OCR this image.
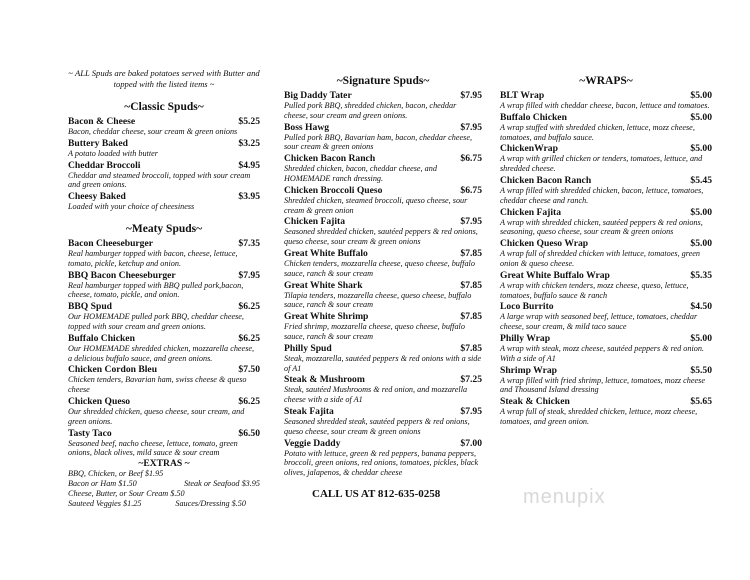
~ ALL Spuds are baked potatoes served with Butter and topped with the listed items ~
~Classic Spuds~
Bacon & Cheese	$5.25
Bacon, cheddar cheese, sour cream & green onions
Buttery Baked	$3.25
A potato loaded with butter
Cheddar Broccoli	$4.95
Cheddar and steamed broccoli, topped with sour cream and green onions.
Cheesy Baked	$3.95
Loaded with your choice of cheesiness
~Meaty Spuds~
Bacon Cheeseburger	$7.35
Real hamburger topped with bacon, cheese, lettuce, tomato, pickle, ketchup and onion.
BBQ Bacon Cheeseburger	$7.95
Real hamburger topped with BBQ pulled pork,bacon, cheese, tomato, pickle, and onion.
BBQ Spud	$6.25
Our HOMEMADE pulled pork BBQ, cheddar cheese, topped with sour cream and green onions.
Buffalo Chicken	$6.25
Our HOMEMADE shredded chicken, mozzarella cheese, a delicious buffalo sauce, and green onions.
Chicken Cordon Bleu	$7.50
Chicken tenders, Bavarian ham, swiss cheese & queso cheese
Chicken Queso	$6.25
Our shredded chicken, queso cheese, sour cream, and green onions.
Tasty Taco	$6.50
Seasoned beef, nacho cheese, lettuce, tomato, green onions, black olives, mild sauce & sour cream
~EXTRAS ~
BBQ, Chicken, or Beef $1.95
Bacon or Ham $1.50	Steak or Seafood $3.95
Cheese, Butter, or Sour Cream $.50
Sauteed Veggies $1.25	Sauces/Dressing $.50
~Signature Spuds~
Big Daddy Tater	$7.95
Pulled pork BBQ, shredded chicken, bacon, cheddar cheese, sour cream and green onions.
Boss Hawg	$7.95
Pulled pork BBQ, Bavarian ham, bacon, cheddar cheese, sour cream & green onions
Chicken Bacon Ranch	$6.75
Shredded chicken, bacon, cheddar cheese, and HOMEMADE ranch dressing.
Chicken Broccoli Queso	$6.75
Shredded chicken, steamed broccoli, queso cheese, sour cream & green onion
Chicken Fajita	$7.95
Seasoned shredded chicken, sautéed peppers & red onions, queso cheese, sour cream & green onions
Great White Buffalo	$7.85
Chicken tenders, mozzarella cheese, queso cheese, buffalo sauce, ranch & sour cream
Great White Shark	$7.85
Tilapia tenders, mozzarella cheese, queso cheese, buffalo sauce, ranch & sour cream
Great White Shrimp	$7.85
Fried shrimp, mozzarella cheese, queso cheese, buffalo sauce, ranch & sour cream
Philly Spud	$7.85
Steak, mozzarella, sautéed peppers & red onions with a side of A1
Steak & Mushroom	$7.25
Steak, sautéed Mushrooms & red onion, and mozzarella cheese with a side of A1
Steak Fajita	$7.95
Seasoned shredded steak, sautéed peppers & red onions, queso cheese, sour cream & green onions
Veggie Daddy	$7.00
Potato with lettuce, green & red peppers, banana peppers, broccoli, green onions, red onions, tomatoes, pickles, black olives, jalapenos, & cheddar cheese
~WRAPS~
BLT Wrap	$5.00
A wrap filled with cheddar cheese, bacon, lettuce and tomatoes.
Buffalo Chicken	$5.00
A wrap stuffed with shredded chicken, lettuce, mozz cheese, tomatoes, and buffalo sauce.
ChickenWrap	$5.00
A wrap with grilled chicken or tenders, tomatoes, lettuce, and shredded cheese.
Chicken Bacon Ranch	$5.45
A wrap filled with shredded chicken, bacon, lettuce, tomatoes, cheddar cheese and ranch.
Chicken Fajita	$5.00
A wrap with shredded chicken, sautéed peppers & red onions, seasoning, queso cheese, sour cream & green onions
Chicken Queso Wrap	$5.00
A wrap full of shredded chicken with lettuce, tomatoes, green onion & queso cheese.
Great White Buffalo Wrap	$5.35
A wrap with chicken tenders, mozz cheese, queso, lettuce, tomatoes, buffalo sauce & ranch
Loco Burrito	$4.50
A large wrap with seasoned beef, lettuce, tomatoes, cheddar cheese, sour cream, & mild taco sauce
Philly Wrap	$5.00
A wrap with steak, mozz cheese, sautéed peppers & red onion. With a side of A1
Shrimp Wrap	$5.50
A wrap filled with fried shrimp, lettuce, tomatoes, mozz cheese and Thousand Island dressing
Steak & Chicken	$5.65
A wrap full of steak, shredded chicken, lettuce, mozz cheese, tomatoes, and green onion.
CALL US AT 812-635-0258	menupix
